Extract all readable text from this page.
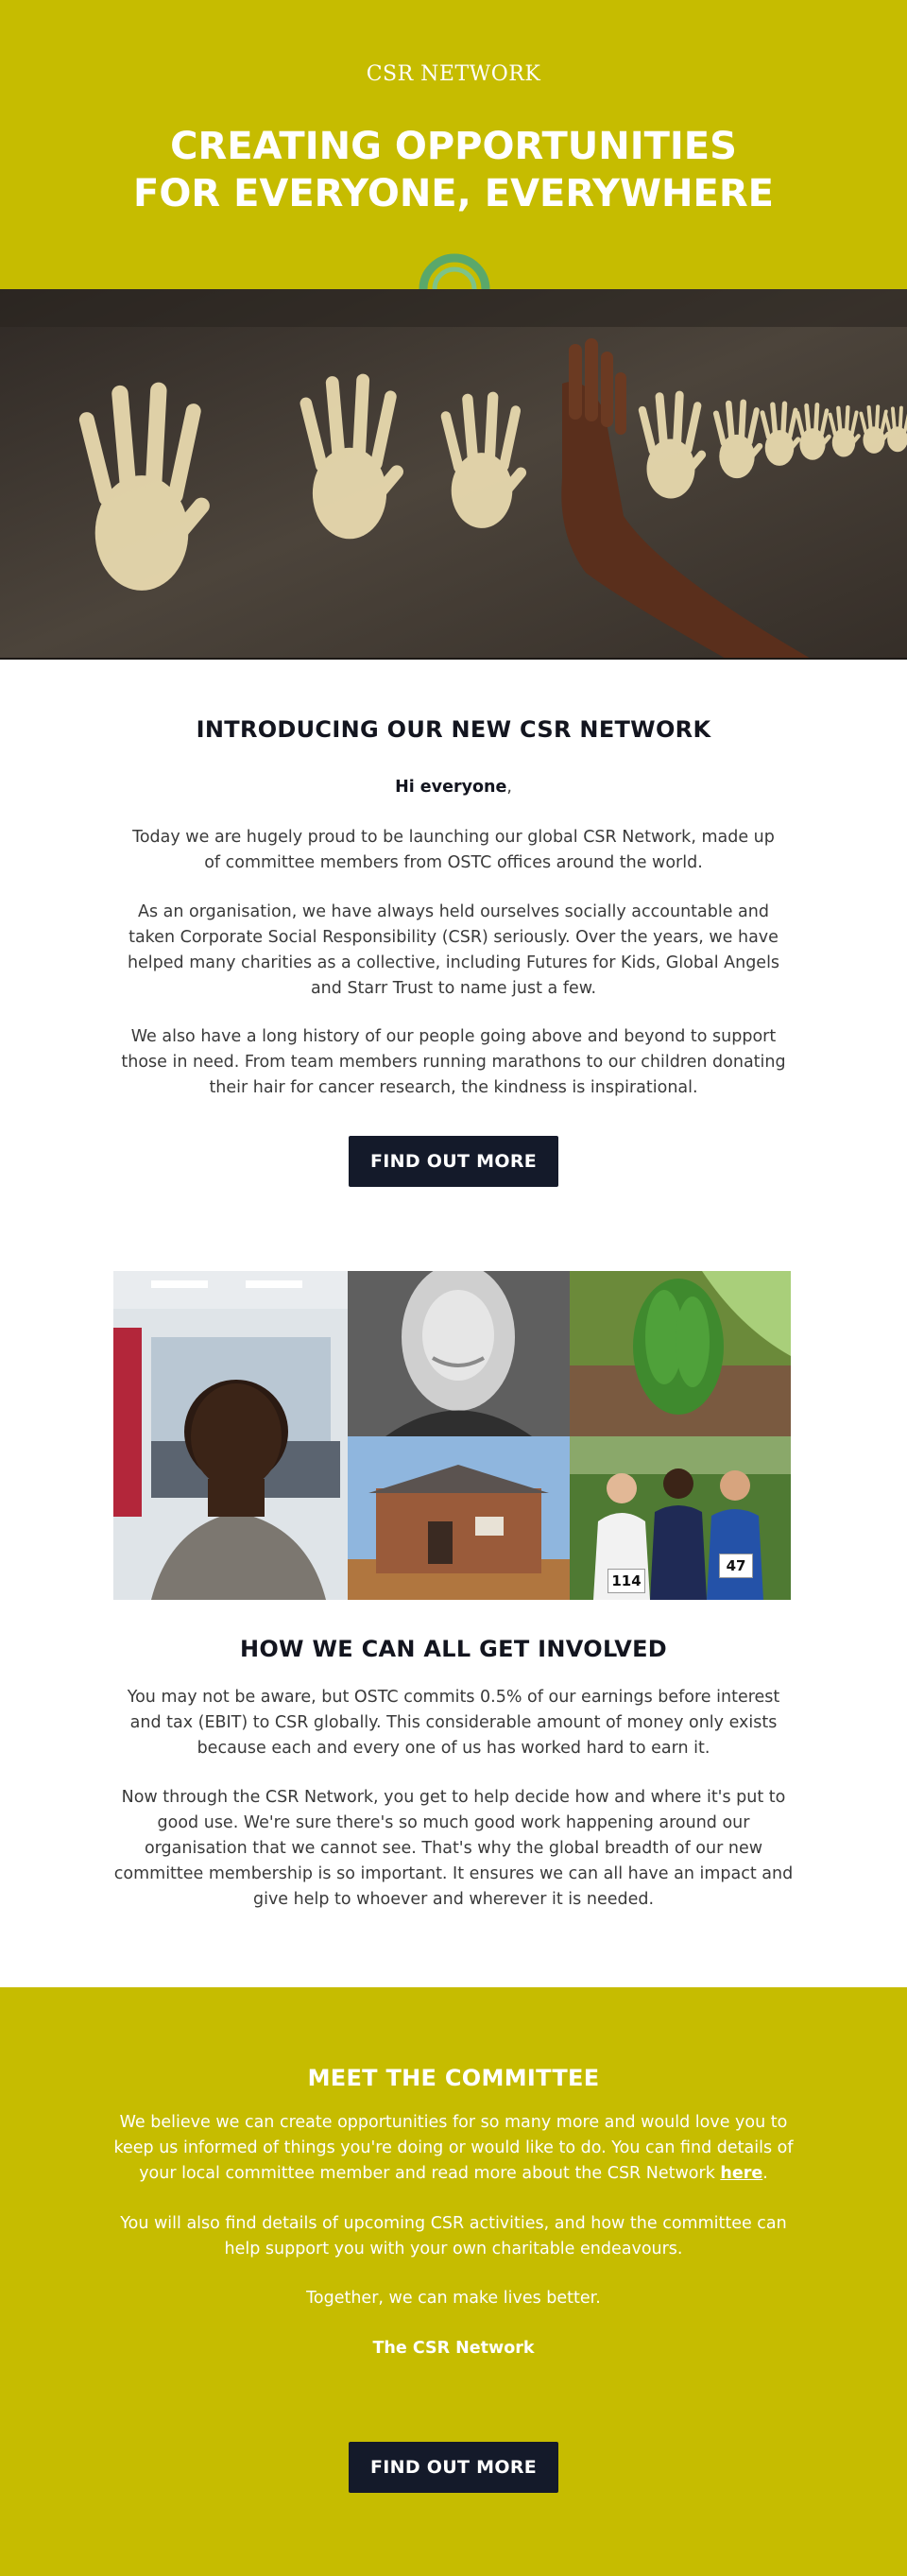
CSR NETWORK
CREATING OPPORTUNITIES
FOR EVERYONE, EVERYWHERE
INTRODUCING OUR NEW CSR NETWORK
Hi everyone,
Today we are hugely proud to be launching our global CSR Network, made up of committee members from OSTC offices around the world.
As an organisation, we have always held ourselves socially accountable and taken Corporate Social Responsibility (CSR) seriously. Over the years, we have helped many charities as a collective, including Futures for Kids, Global Angels and Starr Trust to name just a few.
We also have a long history of our people going above and beyond to support those in need. From team members running marathons to our children donating their hair for cancer research, the kindness is inspirational.
FIND OUT MORE
114
47
HOW WE CAN ALL GET INVOLVED
You may not be aware, but OSTC commits 0.5% of our earnings before interest and tax (EBIT) to CSR globally. This considerable amount of money only exists because each and every one of us has worked hard to earn it.
Now through the CSR Network, you get to help decide how and where it's put to good use. We're sure there's so much good work happening around our organisation that we cannot see. That's why the global breadth of our new committee membership is so important. It ensures we can all have an impact and give help to whoever and wherever it is needed.
MEET THE COMMITTEE
We believe we can create opportunities for so many more and would love you to keep us informed of things you're doing or would like to do. You can find details of your local committee member and read more about the CSR Network here.
You will also find details of upcoming CSR activities, and how the committee can help support you with your own charitable endeavours.
Together, we can make lives better.
The CSR Network
FIND OUT MORE
